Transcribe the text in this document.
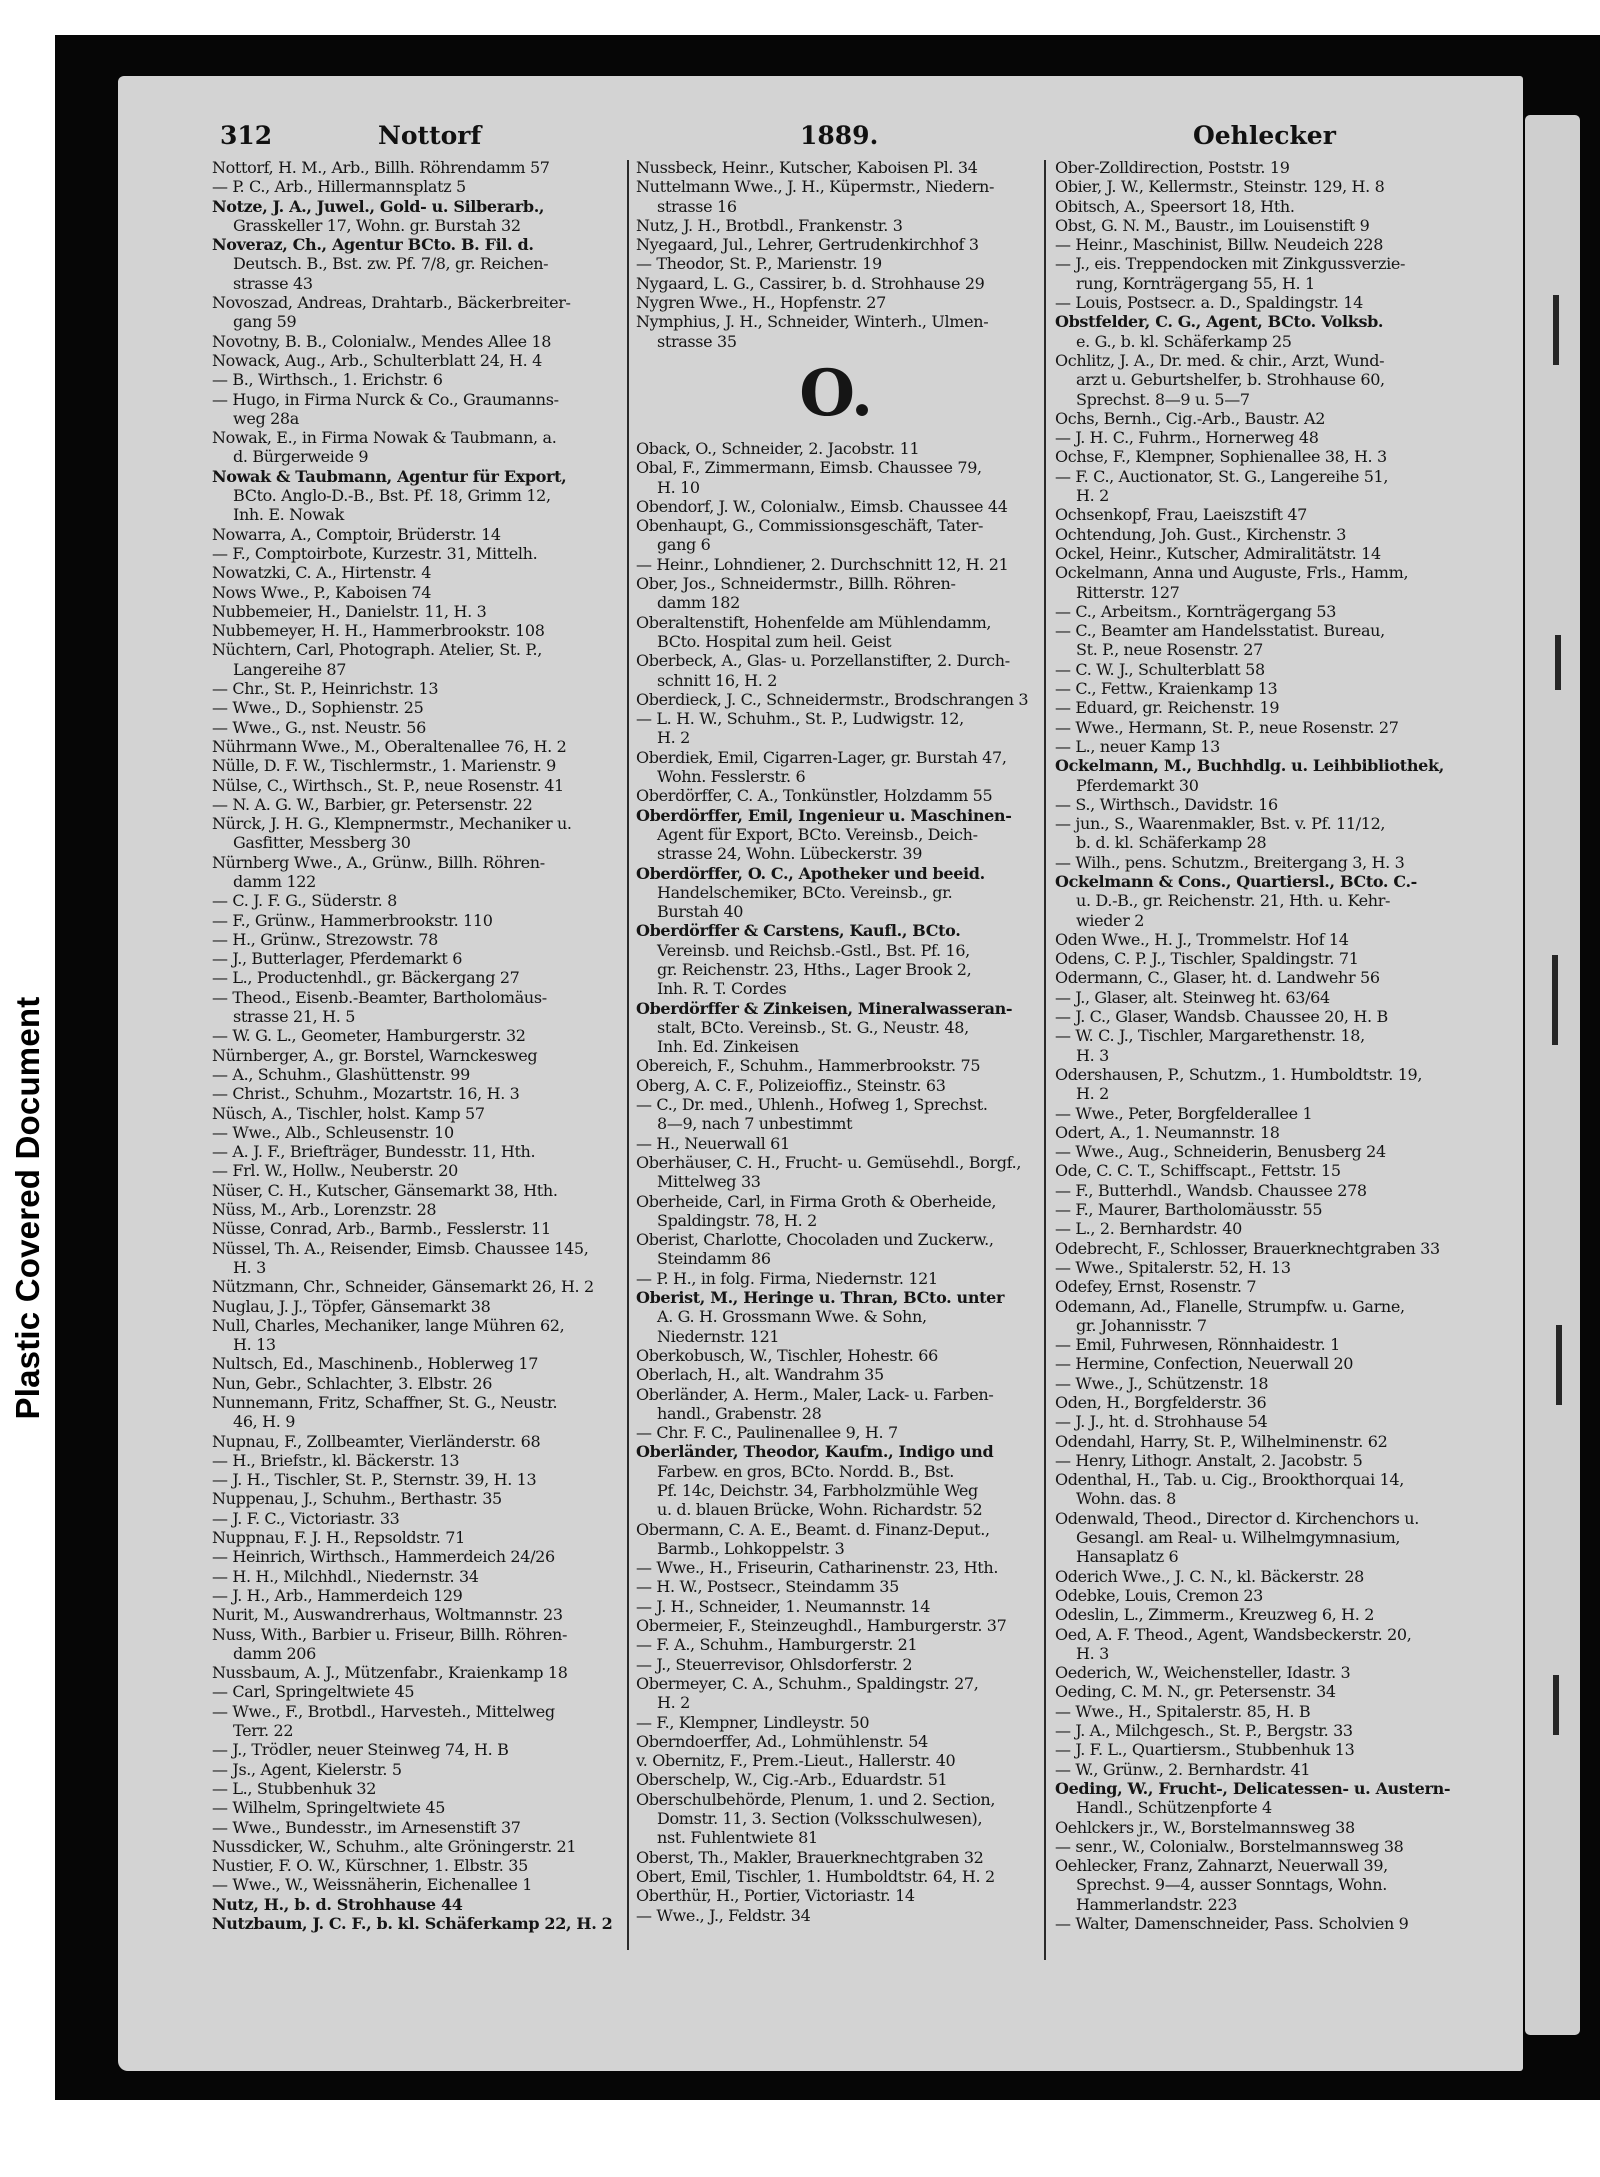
Plastic Covered Document
312	Nottorf	1889.	Oehlecker
Nottorf, H. M., Arb., Billh. Röhrendamm 57
— P. C., Arb., Hillermannsplatz 5
Notze, J. A., Juwel., Gold- u. Silberarb.,
Grasskeller 17, Wohn. gr. Burstah 32
Noveraz, Ch., Agentur BCto. B. Fil. d.
Deutsch. B., Bst. zw. Pf. 7/8, gr. Reichen-
strasse 43
Novoszad, Andreas, Drahtarb., Bäckerbreiter-
gang 59
Novotny, B. B., Colonialw., Mendes Allee 18
Nowack, Aug., Arb., Schulterblatt 24, H. 4
— B., Wirthsch., 1. Erichstr. 6
— Hugo, in Firma Nurck & Co., Graumanns-
weg 28a
Nowak, E., in Firma Nowak & Taubmann, a.
d. Bürgerweide 9
Nowak & Taubmann, Agentur für Export,
BCto. Anglo-D.-B., Bst. Pf. 18, Grimm 12,
Inh. E. Nowak
Nowarra, A., Comptoir, Brüderstr. 14
— F., Comptoirbote, Kurzestr. 31, Mittelh.
Nowatzki, C. A., Hirtenstr. 4
Nows Wwe., P., Kaboisen 74
Nubbemeier, H., Danielstr. 11, H. 3
Nubbemeyer, H. H., Hammerbrookstr. 108
Nüchtern, Carl, Photograph. Atelier, St. P.,
Langereihe 87
— Chr., St. P., Heinrichstr. 13
— Wwe., D., Sophienstr. 25
— Wwe., G., nst. Neustr. 56
Nührmann Wwe., M., Oberaltenallee 76, H. 2
Nülle, D. F. W., Tischlermstr., 1. Marienstr. 9
Nülse, C., Wirthsch., St. P., neue Rosenstr. 41
— N. A. G. W., Barbier, gr. Petersenstr. 22
Nürck, J. H. G., Klempnermstr., Mechaniker u.
Gasfitter, Messberg 30
Nürnberg Wwe., A., Grünw., Billh. Röhren-
damm 122
— C. J. F. G., Süderstr. 8
— F., Grünw., Hammerbrookstr. 110
— H., Grünw., Strezowstr. 78
— J., Butterlager, Pferdemarkt 6
— L., Productenhdl., gr. Bäckergang 27
— Theod., Eisenb.-Beamter, Bartholomäus-
strasse 21, H. 5
— W. G. L., Geometer, Hamburgerstr. 32
Nürnberger, A., gr. Borstel, Warnckesweg
— A., Schuhm., Glashüttenstr. 99
— Christ., Schuhm., Mozartstr. 16, H. 3
Nüsch, A., Tischler, holst. Kamp 57
— Wwe., Alb., Schleusenstr. 10
— A. J. F., Briefträger, Bundesstr. 11, Hth.
— Frl. W., Hollw., Neuberstr. 20
Nüser, C. H., Kutscher, Gänsemarkt 38, Hth.
Nüss, M., Arb., Lorenzstr. 28
Nüsse, Conrad, Arb., Barmb., Fesslerstr. 11
Nüssel, Th. A., Reisender, Eimsb. Chaussee 145,
H. 3
Nützmann, Chr., Schneider, Gänsemarkt 26, H. 2
Nuglau, J. J., Töpfer, Gänsemarkt 38
Null, Charles, Mechaniker, lange Mühren 62,
H. 13
Nultsch, Ed., Maschinenb., Hoblerweg 17
Nun, Gebr., Schlachter, 3. Elbstr. 26
Nunnemann, Fritz, Schaffner, St. G., Neustr.
46, H. 9
Nupnau, F., Zollbeamter, Vierländerstr. 68
— H., Briefstr., kl. Bäckerstr. 13
— J. H., Tischler, St. P., Sternstr. 39, H. 13
Nuppenau, J., Schuhm., Berthastr. 35
— J. F. C., Victoriastr. 33
Nuppnau, F. J. H., Repsoldstr. 71
— Heinrich, Wirthsch., Hammerdeich 24/26
— H. H., Milchhdl., Niedernstr. 34
— J. H., Arb., Hammerdeich 129
Nurit, M., Auswandrerhaus, Woltmannstr. 23
Nuss, With., Barbier u. Friseur, Billh. Röhren-
damm 206
Nussbaum, A. J., Mützenfabr., Kraienkamp 18
— Carl, Springeltwiete 45
— Wwe., F., Brotbdl., Harvesteh., Mittelweg
Terr. 22
— J., Trödler, neuer Steinweg 74, H. B
— Js., Agent, Kielerstr. 5
— L., Stubbenhuk 32
— Wilhelm, Springeltwiete 45
— Wwe., Bundesstr., im Arnesenstift 37
Nussdicker, W., Schuhm., alte Gröningerstr. 21
Nustier, F. O. W., Kürschner, 1. Elbstr. 35
— Wwe., W., Weissnäherin, Eichenallee 1
Nutz, H., b. d. Strohhause 44
Nutzbaum, J. C. F., b. kl. Schäferkamp 22, H. 2
Nussbeck, Heinr., Kutscher, Kaboisen Pl. 34
Nuttelmann Wwe., J. H., Küpermstr., Niedern-
strasse 16
Nutz, J. H., Brotbdl., Frankenstr. 3
Nyegaard, Jul., Lehrer, Gertrudenkirchhof 3
— Theodor, St. P., Marienstr. 19
Nygaard, L. G., Cassirer, b. d. Strohhause 29
Nygren Wwe., H., Hopfenstr. 27
Nymphius, J. H., Schneider, Winterh., Ulmen-
strasse 35
O.
Oback, O., Schneider, 2. Jacobstr. 11
Obal, F., Zimmermann, Eimsb. Chaussee 79,
H. 10
Obendorf, J. W., Colonialw., Eimsb. Chaussee 44
Obenhaupt, G., Commissionsgeschäft, Tater-
gang 6
— Heinr., Lohndiener, 2. Durchschnitt 12, H. 21
Ober, Jos., Schneidermstr., Billh. Röhren-
damm 182
Oberaltenstift, Hohenfelde am Mühlendamm,
BCto. Hospital zum heil. Geist
Oberbeck, A., Glas- u. Porzellanstifter, 2. Durch-
schnitt 16, H. 2
Oberdieck, J. C., Schneidermstr., Brodschrangen 3
— L. H. W., Schuhm., St. P., Ludwigstr. 12,
H. 2
Oberdiek, Emil, Cigarren-Lager, gr. Burstah 47,
Wohn. Fesslerstr. 6
Oberdörffer, C. A., Tonkünstler, Holzdamm 55
Oberdörffer, Emil, Ingenieur u. Maschinen-
Agent für Export, BCto. Vereinsb., Deich-
strasse 24, Wohn. Lübeckerstr. 39
Oberdörffer, O. C., Apotheker und beeid.
Handelschemiker, BCto. Vereinsb., gr.
Burstah 40
Oberdörffer & Carstens, Kaufl., BCto.
Vereinsb. und Reichsb.-Gstl., Bst. Pf. 16,
gr. Reichenstr. 23, Hths., Lager Brook 2,
Inh. R. T. Cordes
Oberdörffer & Zinkeisen, Mineralwasseran-
stalt, BCto. Vereinsb., St. G., Neustr. 48,
Inh. Ed. Zinkeisen
Obereich, F., Schuhm., Hammerbrookstr. 75
Oberg, A. C. F., Polizeioffiz., Steinstr. 63
— C., Dr. med., Uhlenh., Hofweg 1, Sprechst.
8—9, nach 7 unbestimmt
— H., Neuerwall 61
Oberhäuser, C. H., Frucht- u. Gemüsehdl., Borgf.,
Mittelweg 33
Oberheide, Carl, in Firma Groth & Oberheide,
Spaldingstr. 78, H. 2
Oberist, Charlotte, Chocoladen und Zuckerw.,
Steindamm 86
— P. H., in folg. Firma, Niedernstr. 121
Oberist, M., Heringe u. Thran, BCto. unter
A. G. H. Grossmann Wwe. & Sohn,
Niedernstr. 121
Oberkobusch, W., Tischler, Hohestr. 66
Oberlach, H., alt. Wandrahm 35
Oberländer, A. Herm., Maler, Lack- u. Farben-
handl., Grabenstr. 28
— Chr. F. C., Paulinenallee 9, H. 7
Oberländer, Theodor, Kaufm., Indigo und
Farbew. en gros, BCto. Nordd. B., Bst.
Pf. 14c, Deichstr. 34, Farbholzmühle Weg
u. d. blauen Brücke, Wohn. Richardstr. 52
Obermann, C. A. E., Beamt. d. Finanz-Deput.,
Barmb., Lohkoppelstr. 3
— Wwe., H., Friseurin, Catharinenstr. 23, Hth.
— H. W., Postsecr., Steindamm 35
— J. H., Schneider, 1. Neumannstr. 14
Obermeier, F., Steinzeughdl., Hamburgerstr. 37
— F. A., Schuhm., Hamburgerstr. 21
— J., Steuerrevisor, Ohlsdorferstr. 2
Obermeyer, C. A., Schuhm., Spaldingstr. 27,
H. 2
— F., Klempner, Lindleystr. 50
Oberndoerffer, Ad., Lohmühlenstr. 54
v. Obernitz, F., Prem.-Lieut., Hallerstr. 40
Oberschelp, W., Cig.-Arb., Eduardstr. 51
Oberschulbehörde, Plenum, 1. und 2. Section,
Domstr. 11, 3. Section (Volksschulwesen),
nst. Fuhlentwiete 81
Oberst, Th., Makler, Brauerknechtgraben 32
Obert, Emil, Tischler, 1. Humboldtstr. 64, H. 2
Oberthür, H., Portier, Victoriastr. 14
— Wwe., J., Feldstr. 34
Ober-Zolldirection, Poststr. 19
Obier, J. W., Kellermstr., Steinstr. 129, H. 8
Obitsch, A., Speersort 18, Hth.
Obst, G. N. M., Baustr., im Louisenstift 9
— Heinr., Maschinist, Billw. Neudeich 228
— J., eis. Treppendocken mit Zinkgussverzie-
rung, Kornträgergang 55, H. 1
— Louis, Postsecr. a. D., Spaldingstr. 14
Obstfelder, C. G., Agent, BCto. Volksb.
e. G., b. kl. Schäferkamp 25
Ochlitz, J. A., Dr. med. & chir., Arzt, Wund-
arzt u. Geburtshelfer, b. Strohhause 60,
Sprechst. 8—9 u. 5—7
Ochs, Bernh., Cig.-Arb., Baustr. A2
— J. H. C., Fuhrm., Hornerweg 48
Ochse, F., Klempner, Sophienallee 38, H. 3
— F. C., Auctionator, St. G., Langereihe 51,
H. 2
Ochsenkopf, Frau, Laeiszstift 47
Ochtendung, Joh. Gust., Kirchenstr. 3
Ockel, Heinr., Kutscher, Admiralitätstr. 14
Ockelmann, Anna und Auguste, Frls., Hamm,
Ritterstr. 127
— C., Arbeitsm., Kornträgergang 53
— C., Beamter am Handelsstatist. Bureau,
St. P., neue Rosenstr. 27
— C. W. J., Schulterblatt 58
— C., Fettw., Kraienkamp 13
— Eduard, gr. Reichenstr. 19
— Wwe., Hermann, St. P., neue Rosenstr. 27
— L., neuer Kamp 13
Ockelmann, M., Buchhdlg. u. Leihbibliothek,
Pferdemarkt 30
— S., Wirthsch., Davidstr. 16
— jun., S., Waarenmakler, Bst. v. Pf. 11/12,
b. d. kl. Schäferkamp 28
— Wilh., pens. Schutzm., Breitergang 3, H. 3
Ockelmann & Cons., Quartiersl., BCto. C.-
u. D.-B., gr. Reichenstr. 21, Hth. u. Kehr-
wieder 2
Oden Wwe., H. J., Trommelstr. Hof 14
Odens, C. P. J., Tischler, Spaldingstr. 71
Odermann, C., Glaser, ht. d. Landwehr 56
— J., Glaser, alt. Steinweg ht. 63/64
— J. C., Glaser, Wandsb. Chaussee 20, H. B
— W. C. J., Tischler, Margarethenstr. 18,
H. 3
Odershausen, P., Schutzm., 1. Humboldtstr. 19,
H. 2
— Wwe., Peter, Borgfelderallee 1
Odert, A., 1. Neumannstr. 18
— Wwe., Aug., Schneiderin, Benusberg 24
Ode, C. C. T., Schiffscapt., Fettstr. 15
— F., Butterhdl., Wandsb. Chaussee 278
— F., Maurer, Bartholomäusstr. 55
— L., 2. Bernhardstr. 40
Odebrecht, F., Schlosser, Brauerknechtgraben 33
— Wwe., Spitalerstr. 52, H. 13
Odefey, Ernst, Rosenstr. 7
Odemann, Ad., Flanelle, Strumpfw. u. Garne,
gr. Johannisstr. 7
— Emil, Fuhrwesen, Rönnhaidestr. 1
— Hermine, Confection, Neuerwall 20
— Wwe., J., Schützenstr. 18
Oden, H., Borgfelderstr. 36
— J. J., ht. d. Strohhause 54
Odendahl, Harry, St. P., Wilhelminenstr. 62
— Henry, Lithogr. Anstalt, 2. Jacobstr. 5
Odenthal, H., Tab. u. Cig., Brookthorquai 14,
Wohn. das. 8
Odenwald, Theod., Director d. Kirchenchors u.
Gesangl. am Real- u. Wilhelmgymnasium,
Hansaplatz 6
Oderich Wwe., J. C. N., kl. Bäckerstr. 28
Odebke, Louis, Cremon 23
Odeslin, L., Zimmerm., Kreuzweg 6, H. 2
Oed, A. F. Theod., Agent, Wandsbeckerstr. 20,
H. 3
Oederich, W., Weichensteller, Idastr. 3
Oeding, C. M. N., gr. Petersenstr. 34
— Wwe., H., Spitalerstr. 85, H. B
— J. A., Milchgesch., St. P., Bergstr. 33
— J. F. L., Quartiersm., Stubbenhuk 13
— W., Grünw., 2. Bernhardstr. 41
Oeding, W., Frucht-, Delicatessen- u. Austern-
Handl., Schützenpforte 4
Oehlckers jr., W., Borstelmannsweg 38
— senr., W., Colonialw., Borstelmannsweg 38
Oehlecker, Franz, Zahnarzt, Neuerwall 39,
Sprechst. 9—4, ausser Sonntags, Wohn.
Hammerlandstr. 223
— Walter, Damenschneider, Pass. Scholvien 9
